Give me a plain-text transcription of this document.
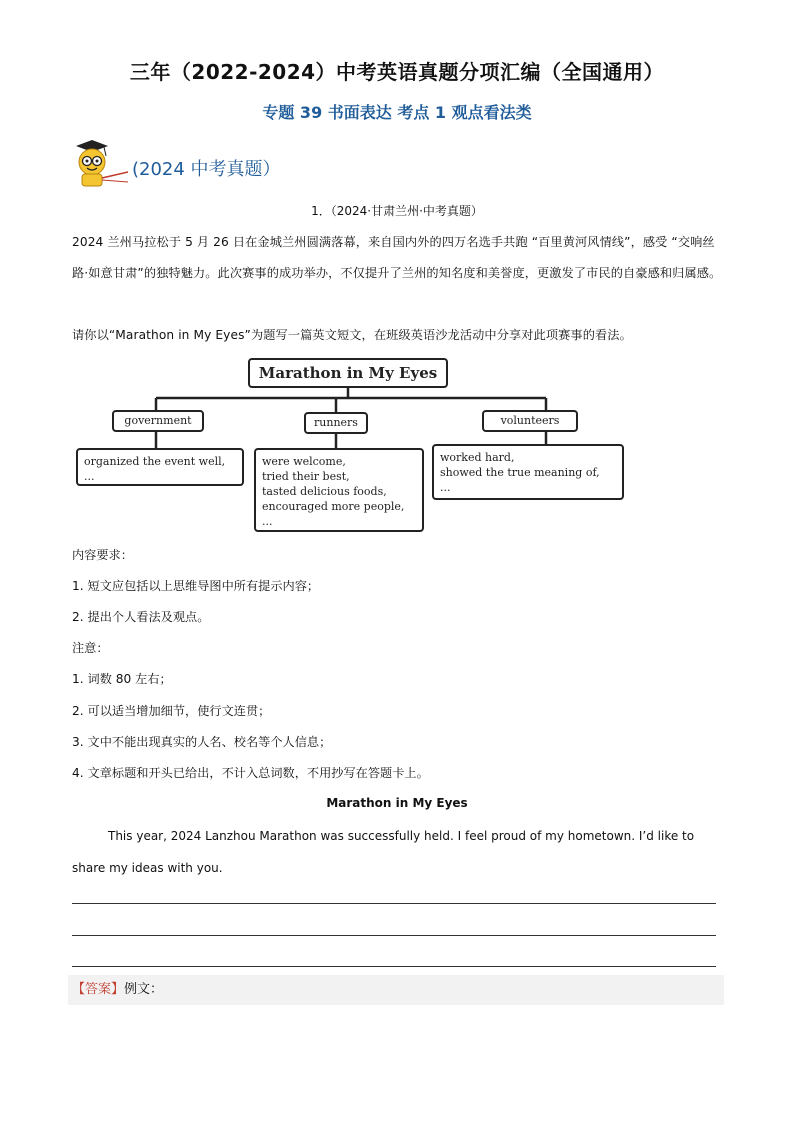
三年（2022-2024）中考英语真题分项汇编（全国通用）
专题 39 书面表达 考点 1 观点看法类
(2024 中考真题）
1．（2024·甘肃兰州·中考真题）
2024 兰州马拉松于 5 月 26 日在金城兰州圆满落幕，来自国内外的四万名选手共跑 “百里黄河风情线”，感受 “交响丝路·如意甘肃”的独特魅力。此次赛事的成功举办，不仅提升了兰州的知名度和美誉度，更激发了市民的自豪感和归属感。
请你以“Marathon in My Eyes”为题写一篇英文短文，在班级英语沙龙活动中分享对此项赛事的看法。
Marathon in My Eyes
government	runners	volunteers
organized the event well,
...
were welcome,
tried their best,
tasted delicious foods,
encouraged more people,
...
worked hard,
showed the true meaning of,
...
内容要求：
1. 短文应包括以上思维导图中所有提示内容；
2. 提出个人看法及观点。
注意：
1. 词数 80 左右；
2. 可以适当增加细节，使行文连贯；
3. 文中不能出现真实的人名、校名等个人信息；
4. 文章标题和开头已给出，不计入总词数，不用抄写在答题卡上。
Marathon in My Eyes
This year, 2024 Lanzhou Marathon was successfully held. I feel proud of my hometown. I’d like to share my ideas with you.
【答案】例文：
